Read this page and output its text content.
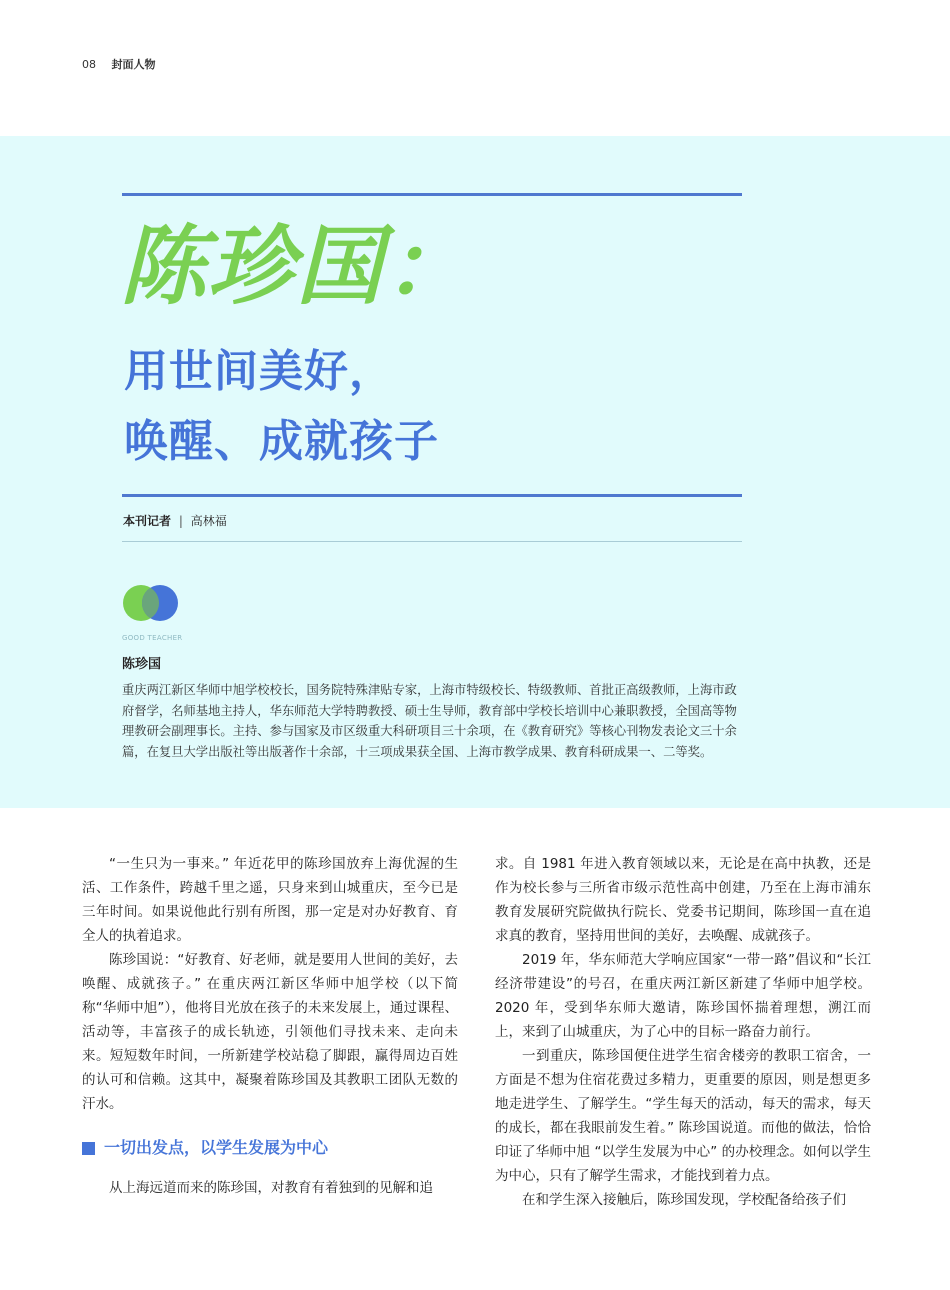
08 封面人物
陈珍国：
用世间美好，
唤醒、成就孩子
本刊记者 | 高林福
GOOD TEACHER
陈珍国
重庆两江新区华师中旭学校校长，国务院特殊津贴专家，上海市特级校长、特级教师、首批正高级教师，上海市政府督学，名师基地主持人，华东师范大学特聘教授、硕士生导师，教育部中学校长培训中心兼职教授，全国高等物理教研会副理事长。主持、参与国家及市区级重大科研项目三十余项，在《教育研究》等核心刊物发表论文三十余篇，在复旦大学出版社等出版著作十余部，十三项成果获全国、上海市教学成果、教育科研成果一、二等奖。

“一生只为一事来。” 年近花甲的陈珍国放弃上海优渥的生活、工作条件，跨越千里之遥，只身来到山城重庆，至今已是三年时间。如果说他此行别有所图，那一定是对办好教育、育全人的执着追求。

陈珍国说：“好教育、好老师，就是要用人世间的美好，去唤醒、成就孩子。” 在重庆两江新区华师中旭学校（以下简称“华师中旭”），他将目光放在孩子的未来发展上，通过课程、活动等，丰富孩子的成长轨迹，引领他们寻找未来、走向未来。短短数年时间，一所新建学校站稳了脚跟，赢得周边百姓的认可和信赖。这其中，凝聚着陈珍国及其教职工团队无数的汗水。

一切出发点，以学生发展为中心

从上海远道而来的陈珍国，对教育有着独到的见解和追

求。自 1981 年进入教育领域以来，无论是在高中执教，还是作为校长参与三所省市级示范性高中创建，乃至在上海市浦东教育发展研究院做执行院长、党委书记期间，陈珍国一直在追求真的教育，坚持用世间的美好，去唤醒、成就孩子。

2019 年，华东师范大学响应国家“一带一路”倡议和“长江经济带建设”的号召，在重庆两江新区新建了华师中旭学校。2020 年，受到华东师大邀请，陈珍国怀揣着理想，溯江而上，来到了山城重庆，为了心中的目标一路奋力前行。

一到重庆，陈珍国便住进学生宿舍楼旁的教职工宿舍，一方面是不想为住宿花费过多精力，更重要的原因，则是想更多地走进学生、了解学生。“学生每天的活动，每天的需求，每天的成长，都在我眼前发生着。” 陈珍国说道。而他的做法，恰恰印证了华师中旭 “以学生发展为中心” 的办校理念。如何以学生为中心，只有了解学生需求，才能找到着力点。

在和学生深入接触后，陈珍国发现，学校配备给孩子们
